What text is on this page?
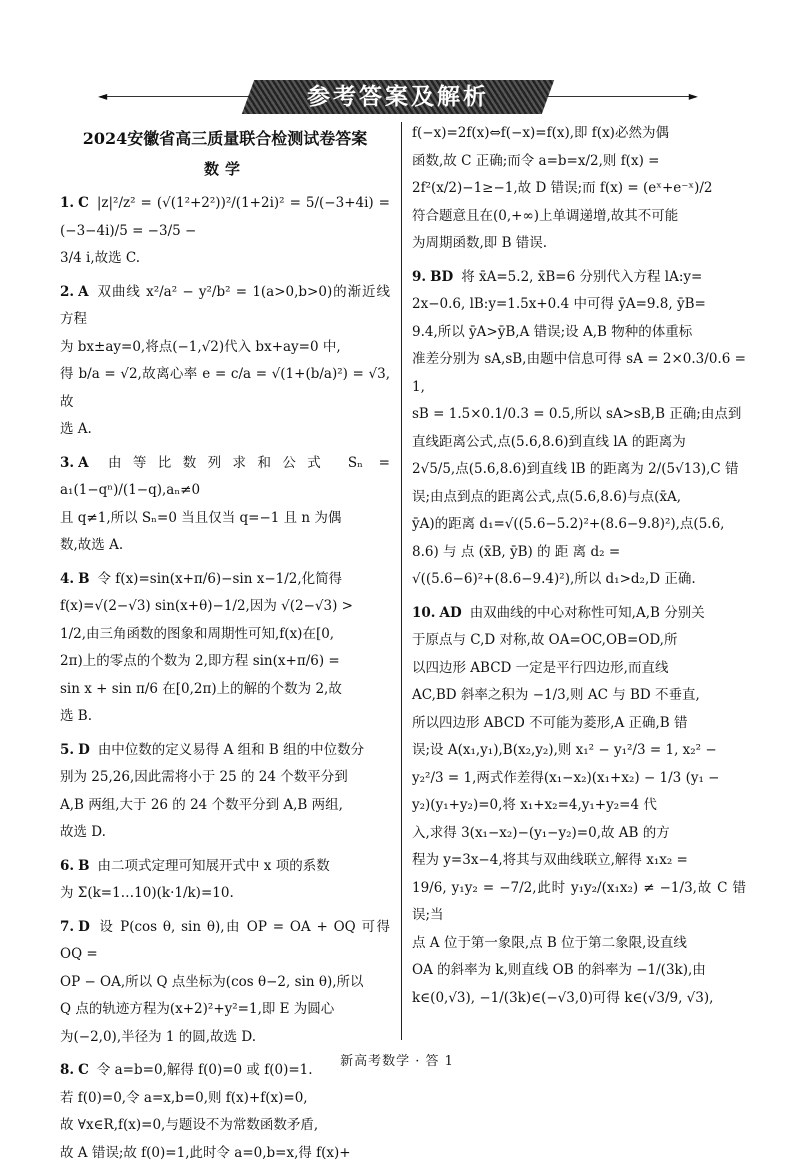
◄	参考答案及解析	►
2024安徽省高三质量联合检测试卷答案
数学
1. C |z|²/z² = (√(1²+2²))²/(1+2i)² = 5/(−3+4i) = (−3−4i)/5 = −3/5 −
3/4 i,故选 C.
2. A 双曲线 x²/a² − y²/b² = 1(a>0,b>0)的渐近线方程
为 bx±ay=0,将点(−1,√2)代入 bx+ay=0 中,
得 b/a = √2,故离心率 e = c/a = √(1+(b/a)²) = √3,故
选 A.
3. A 由等比数列求和公式 Sₙ = a₁(1−qⁿ)/(1−q),aₙ≠0
且 q≠1,所以 Sₙ=0 当且仅当 q=−1 且 n 为偶
数,故选 A.
4. B 令 f(x)=sin(x+π/6)−sin x−1/2,化简得
f(x)=√(2−√3) sin(x+θ)−1/2,因为 √(2−√3) >
1/2,由三角函数的图象和周期性可知,f(x)在[0,
2π)上的零点的个数为 2,即方程 sin(x+π/6) =
sin x + sin π/6 在[0,2π)上的解的个数为 2,故
选 B.
5. D 由中位数的定义易得 A 组和 B 组的中位数分
别为 25,26,因此需将小于 25 的 24 个数平分到
A,B 两组,大于 26 的 24 个数平分到 A,B 两组,
故选 D.
6. B 由二项式定理可知展开式中 x 项的系数
为 Σ(k=1…10)(k·1/k)=10.
7. D 设 P(cos θ, sin θ),由 OP = OA + OQ 可得 OQ =
OP − OA,所以 Q 点坐标为(cos θ−2, sin θ),所以
Q 点的轨迹方程为(x+2)²+y²=1,即 E 为圆心
为(−2,0),半径为 1 的圆,故选 D.
8. C 令 a=b=0,解得 f(0)=0 或 f(0)=1.
若 f(0)=0,令 a=x,b=0,则 f(x)+f(x)=0,
故 ∀x∈R,f(x)=0,与题设不为常数函数矛盾,
故 A 错误;故 f(0)=1,此时令 a=0,b=x,得 f(x)+
f(−x)=2f(x)⇔f(−x)=f(x),即 f(x)必然为偶
函数,故 C 正确;而令 a=b=x/2,则 f(x) =
2f²(x/2)−1≥−1,故 D 错误;而 f(x) = (eˣ+e⁻ˣ)/2
符合题意且在(0,+∞)上单调递增,故其不可能
为周期函数,即 B 错误.
9. BD 将 x̄A=5.2, x̄B=6 分别代入方程 lA:y=
2x−0.6, lB:y=1.5x+0.4 中可得 ȳA=9.8, ȳB=
9.4,所以 ȳA>ȳB,A 错误;设 A,B 物种的体重标
准差分别为 sA,sB,由题中信息可得 sA = 2×0.3/0.6 = 1,
sB = 1.5×0.1/0.3 = 0.5,所以 sA>sB,B 正确;由点到
直线距离公式,点(5.6,8.6)到直线 lA 的距离为
2√5/5,点(5.6,8.6)到直线 lB 的距离为 2/(5√13),C 错
误;由点到点的距离公式,点(5.6,8.6)与点(x̄A,
ȳA)的距离 d₁=√((5.6−5.2)²+(8.6−9.8)²),点(5.6,
8.6) 与 点 (x̄B, ȳB) 的 距 离 d₂ =
√((5.6−6)²+(8.6−9.4)²),所以 d₁>d₂,D 正确.
10. AD 由双曲线的中心对称性可知,A,B 分别关
于原点与 C,D 对称,故 OA=OC,OB=OD,所
以四边形 ABCD 一定是平行四边形,而直线
AC,BD 斜率之积为 −1/3,则 AC 与 BD 不垂直,
所以四边形 ABCD 不可能为菱形,A 正确,B 错
误;设 A(x₁,y₁),B(x₂,y₂),则 x₁² − y₁²/3 = 1, x₂² −
y₂²/3 = 1,两式作差得(x₁−x₂)(x₁+x₂) − 1/3 (y₁ −
y₂)(y₁+y₂)=0,将 x₁+x₂=4,y₁+y₂=4 代
入,求得 3(x₁−x₂)−(y₁−y₂)=0,故 AB 的方
程为 y=3x−4,将其与双曲线联立,解得 x₁x₂ =
19/6, y₁y₂ = −7/2,此时 y₁y₂/(x₁x₂) ≠ −1/3,故 C 错误;当
点 A 位于第一象限,点 B 位于第二象限,设直线
OA 的斜率为 k,则直线 OB 的斜率为 −1/(3k),由
k∈(0,√3), −1/(3k)∈(−√3,0)可得 k∈(√3/9, √3),
新高考数学 · 答 1
